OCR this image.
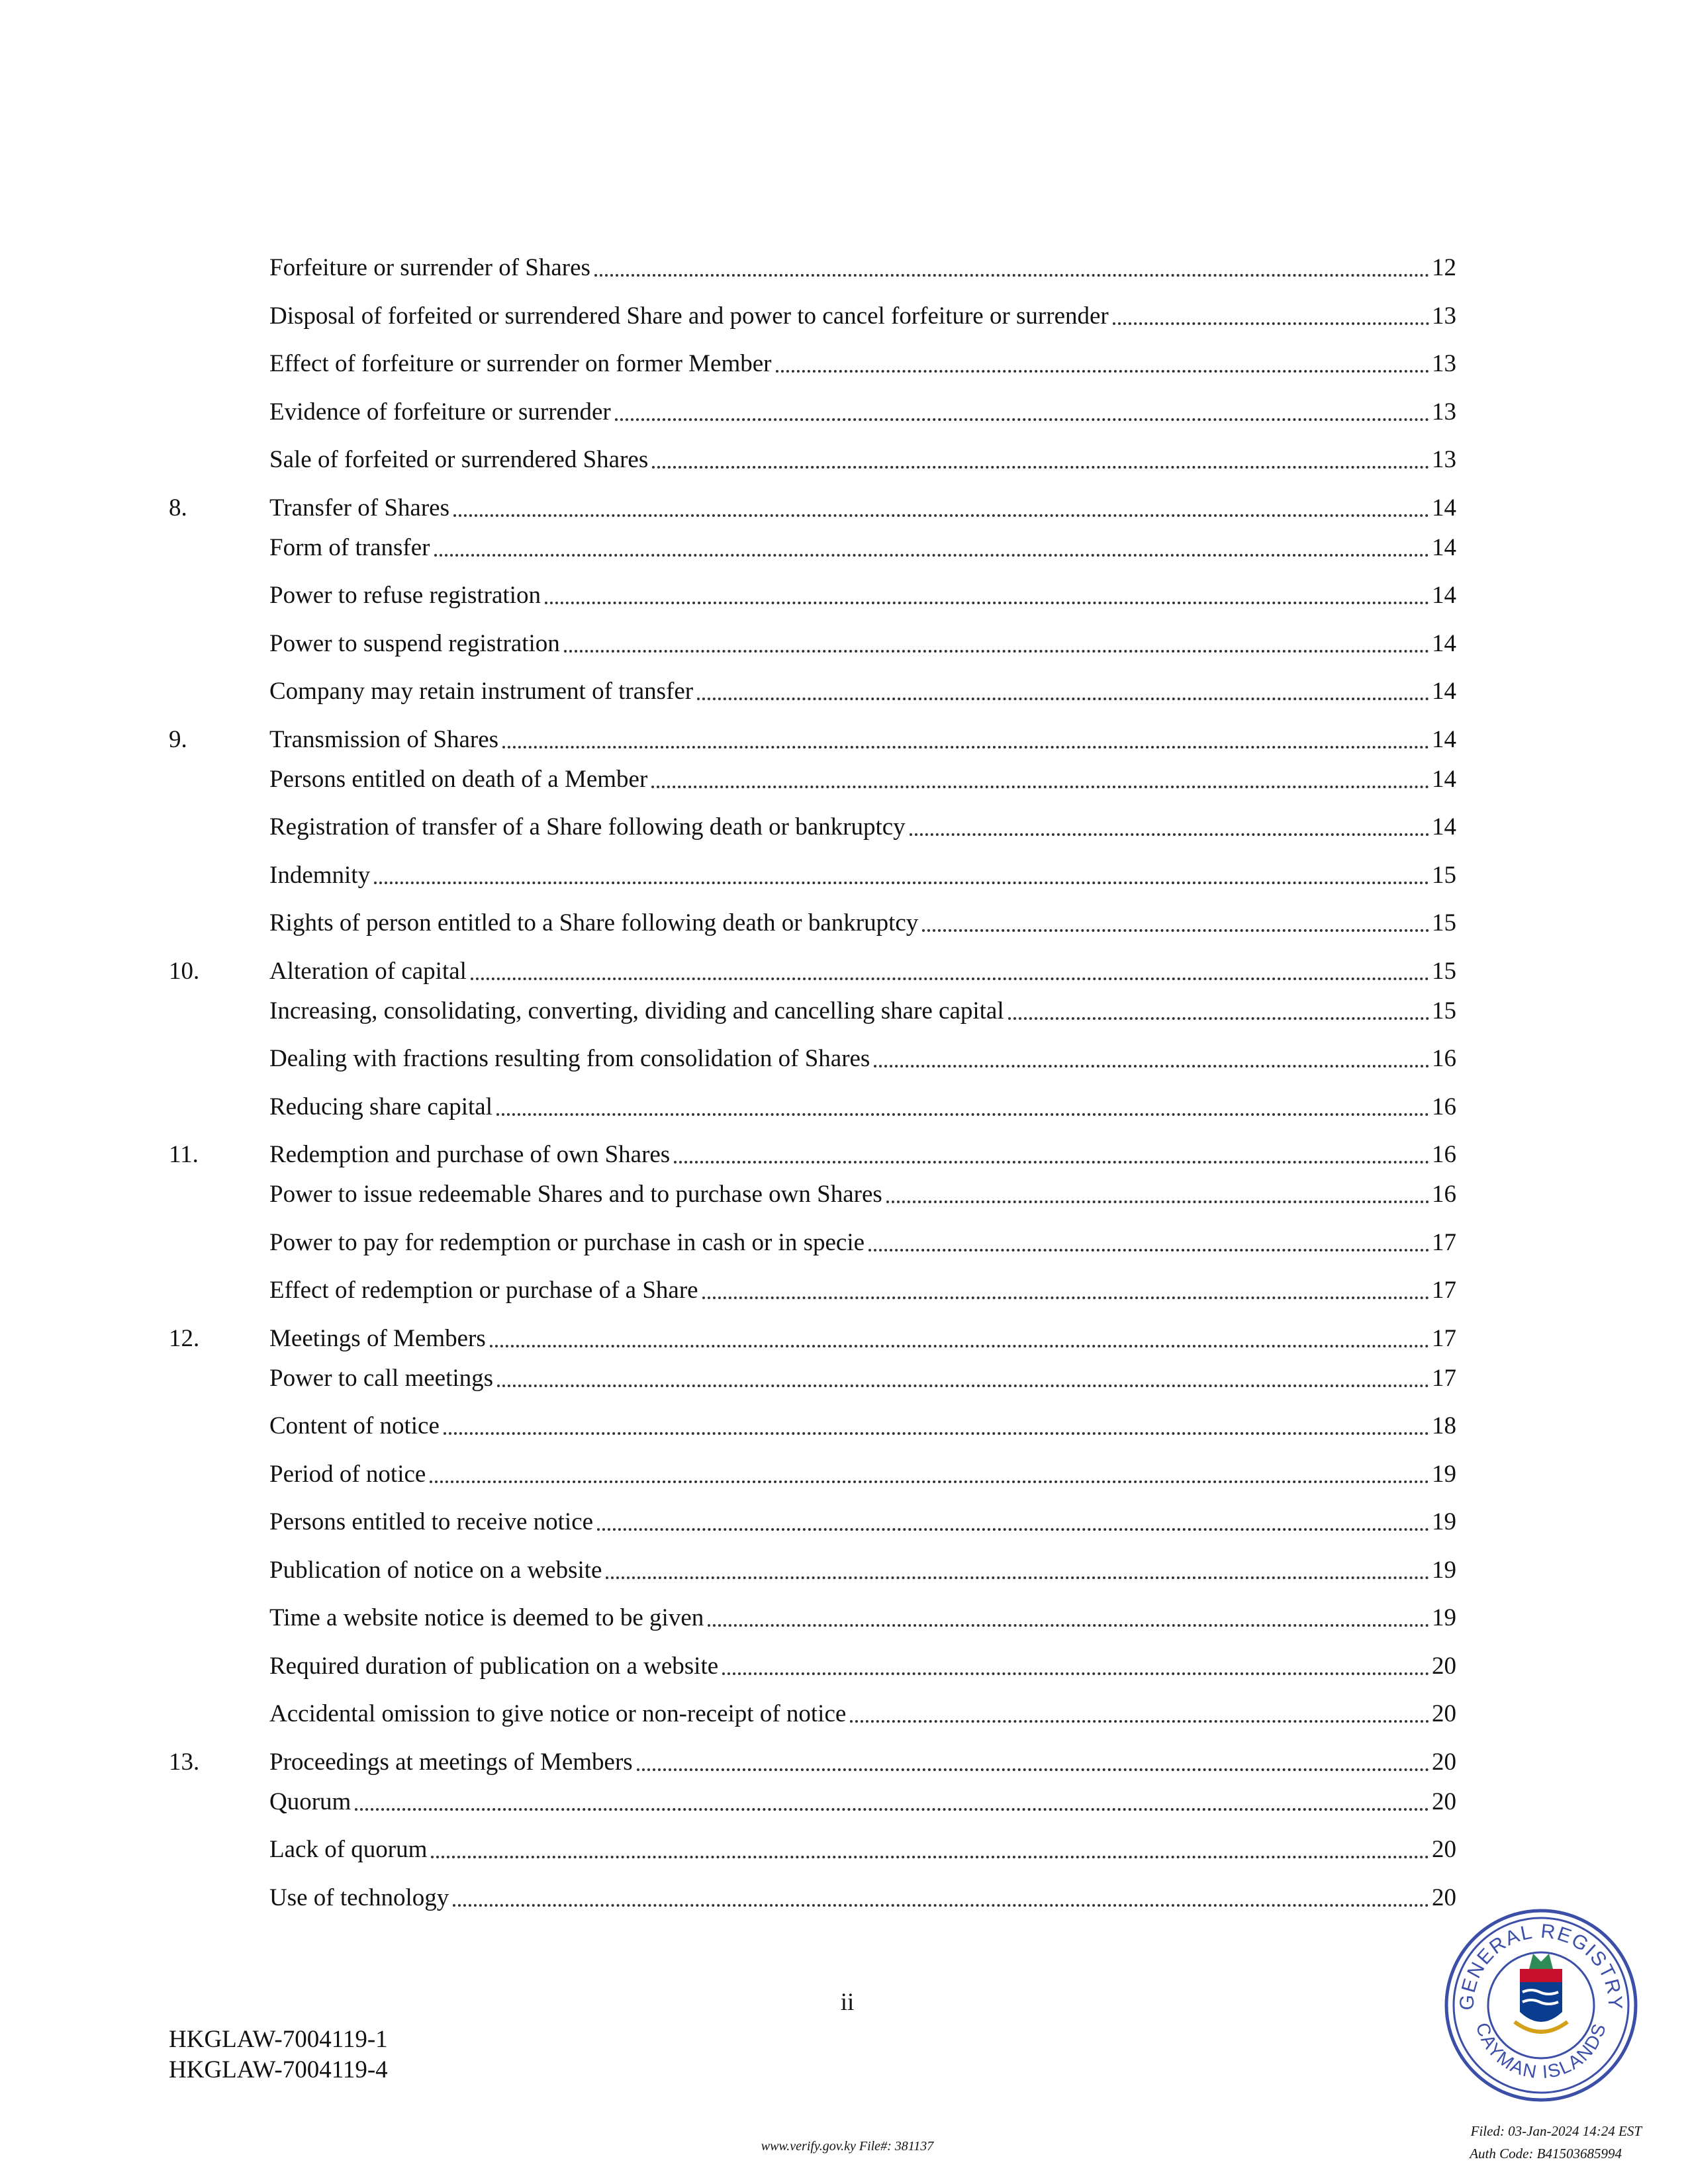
Forfeiture or surrender of Shares	12
Disposal of forfeited or surrendered Share and power to cancel forfeiture or surrender	13
Effect of forfeiture or surrender on former Member	13
Evidence of forfeiture or surrender	13
Sale of forfeited or surrendered Shares	13
8.	Transfer of Shares	14
Form of transfer	14
Power to refuse registration	14
Power to suspend registration	14
Company may retain instrument of transfer	14
9.	Transmission of Shares	14
Persons entitled on death of a Member	14
Registration of transfer of a Share following death or bankruptcy	14
Indemnity	15
Rights of person entitled to a Share following death or bankruptcy	15
10.	Alteration of capital	15
Increasing, consolidating, converting, dividing and cancelling share capital	15
Dealing with fractions resulting from consolidation of Shares	16
Reducing share capital	16
11.	Redemption and purchase of own Shares	16
Power to issue redeemable Shares and to purchase own Shares	16
Power to pay for redemption or purchase in cash or in specie	17
Effect of redemption or purchase of a Share	17
12.	Meetings of Members	17
Power to call meetings	17
Content of notice	18
Period of notice	19
Persons entitled to receive notice	19
Publication of notice on a website	19
Time a website notice is deemed to be given	19
Required duration of publication on a website	20
Accidental omission to give notice or non-receipt of notice	20
13.	Proceedings at meetings of Members	20
Quorum	20
Lack of quorum	20
Use of technology	20
ii
HKGLAW-7004119-1
HKGLAW-7004119-4
GENERAL REGISTRY
CAYMAN ISLANDS
www.verify.gov.ky File#: 381137
Filed: 03-Jan-2024 14:24 EST
Auth Code: B41503685994
